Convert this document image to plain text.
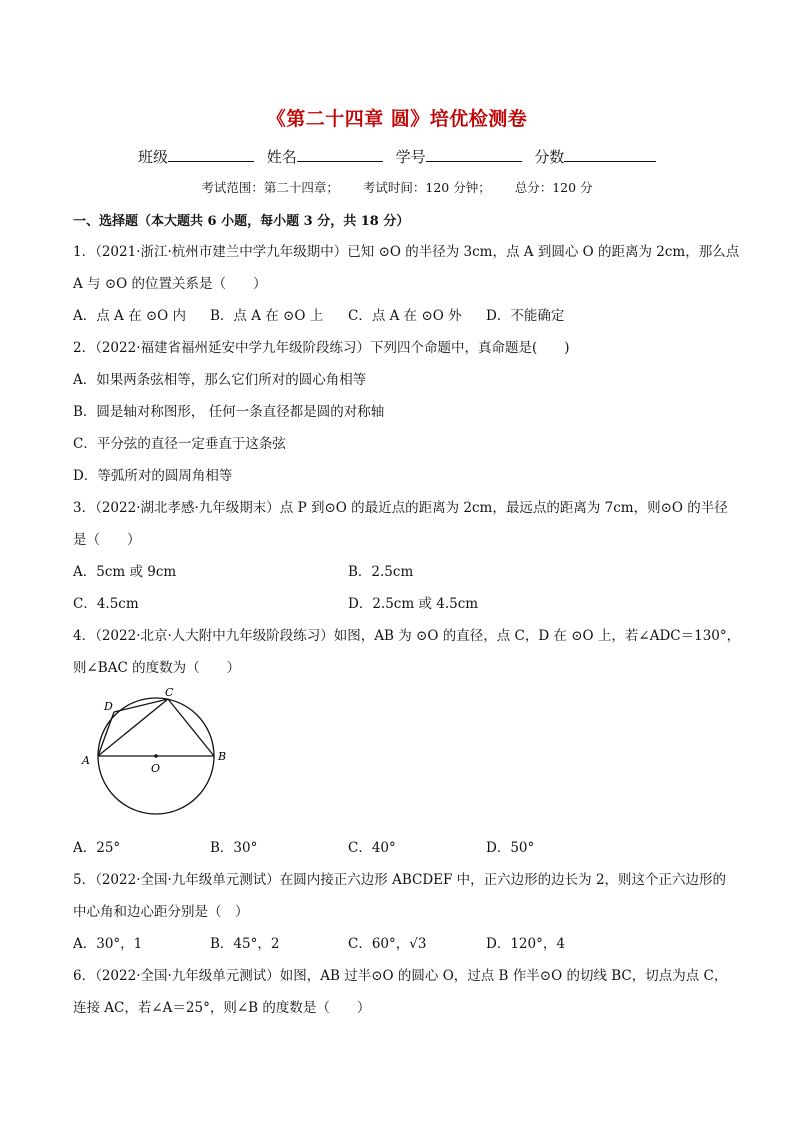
《第二十四章 圆》培优检测卷
班级	姓名	学号	分数
考试范围：第二十四章； 考试时间：120 分钟； 总分：120 分
一、选择题（本大题共 6 小题，每小题 3 分，共 18 分）
1．（2021·浙江·杭州市建兰中学九年级期中）已知 ⊙O 的半径为 3cm，点 A 到圆心 O 的距离为 2cm，那么点
A 与 ⊙O 的位置关系是（　　）
A．点 A 在 ⊙O 内 B．点 A 在 ⊙O 上 C．点 A 在 ⊙O 外 D．不能确定
2．（2022·福建省福州延安中学九年级阶段练习）下列四个命题中，真命题是(　　)
A．如果两条弦相等，那么它们所对的圆心角相等
B．圆是轴对称图形， 任何一条直径都是圆的对称轴
C．平分弦的直径一定垂直于这条弦
D．等弧所对的圆周角相等
3．（2022·湖北孝感·九年级期末）点 P 到⊙O 的最近点的距离为 2cm，最远点的距离为 7cm，则⊙O 的半径
是（　　）
A．5cm 或 9cm	B．2.5cm
C．4.5cm	D．2.5cm 或 4.5cm
4．（2022·北京·人大附中九年级阶段练习）如图，AB 为 ⊙O 的直径，点 C，D 在 ⊙O 上，若∠ADC＝130°，
则∠BAC 的度数为（　　）
D
C
A
O
B
A．25°	B．30°	C．40°	D．50°
5．（2022·全国·九年级单元测试）在圆内接正六边形 ABCDEF 中，正六边形的边长为 2，则这个正六边形的
中心角和边心距分别是（　）
A．30°，1	B．45°，2	C．60°，√3	D．120°，4
6．（2022·全国·九年级单元测试）如图，AB 过半⊙O 的圆心 O，过点 B 作半⊙O 的切线 BC，切点为点 C，
连接 AC，若∠A＝25°，则∠B 的度数是（　　）
